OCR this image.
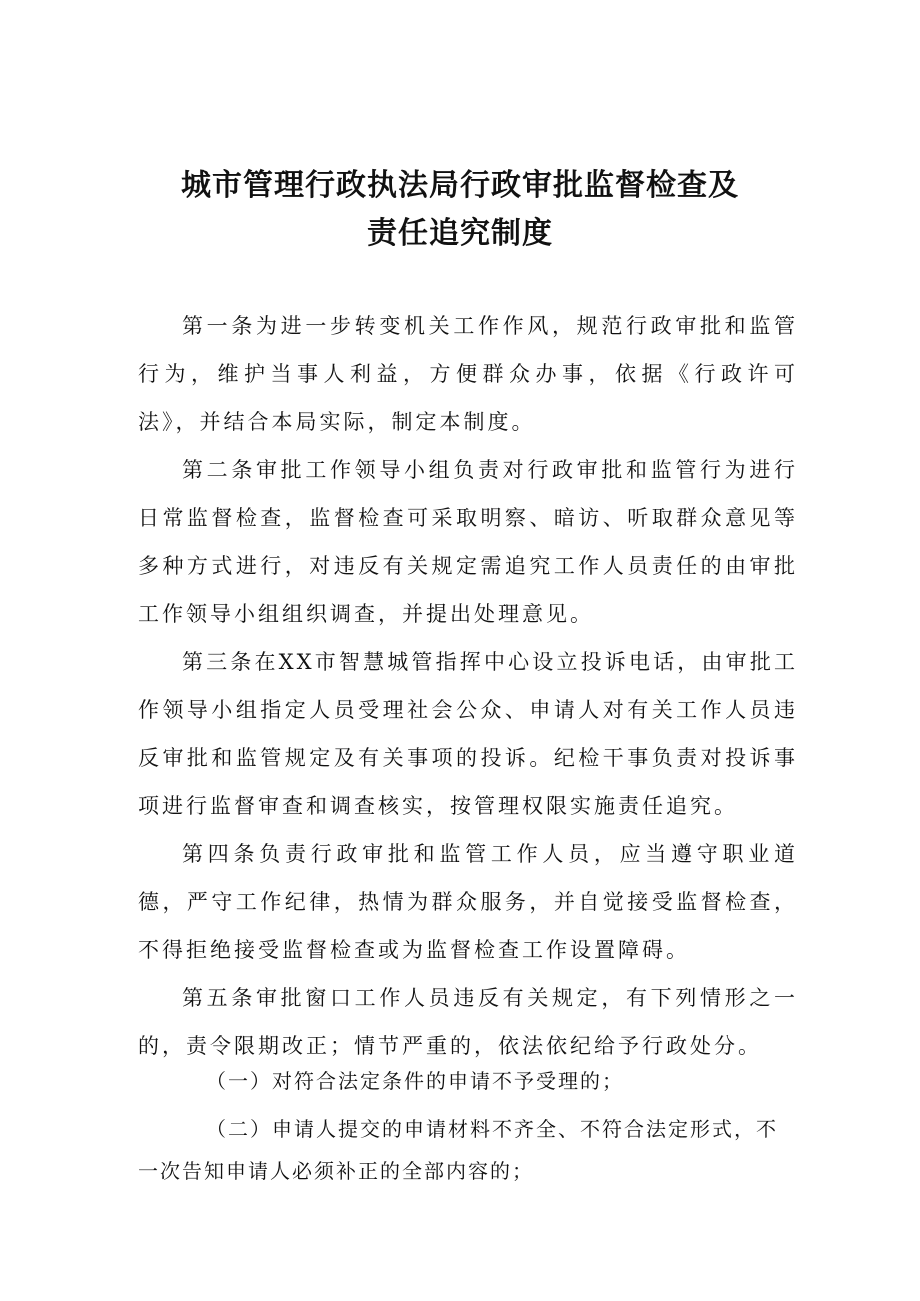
城市管理行政执法局行政审批监督检查及
责任追究制度
第一条为进一步转变机关工作作风，规范行政审批和监管行为，维护当事人利益，方便群众办事，依据《行政许可法》，并结合本局实际，制定本制度。
第二条审批工作领导小组负责对行政审批和监管行为进行日常监督检查，监督检查可采取明察、暗访、听取群众意见等多种方式进行，对违反有关规定需追究工作人员责任的由审批工作领导小组组织调查，并提出处理意见。
第三条在XX市智慧城管指挥中心设立投诉电话，由审批工作领导小组指定人员受理社会公众、申请人对有关工作人员违反审批和监管规定及有关事项的投诉。纪检干事负责对投诉事项进行监督审查和调查核实，按管理权限实施责任追究。
第四条负责行政审批和监管工作人员，应当遵守职业道德，严守工作纪律，热情为群众服务，并自觉接受监督检查，不得拒绝接受监督检查或为监督检查工作设置障碍。
第五条审批窗口工作人员违反有关规定，有下列情形之一的，责令限期改正；情节严重的，依法依纪给予行政处分。
（一）对符合法定条件的申请不予受理的；
（二）申请人提交的申请材料不齐全、不符合法定形式，不一次告知申请人必须补正的全部内容的；
